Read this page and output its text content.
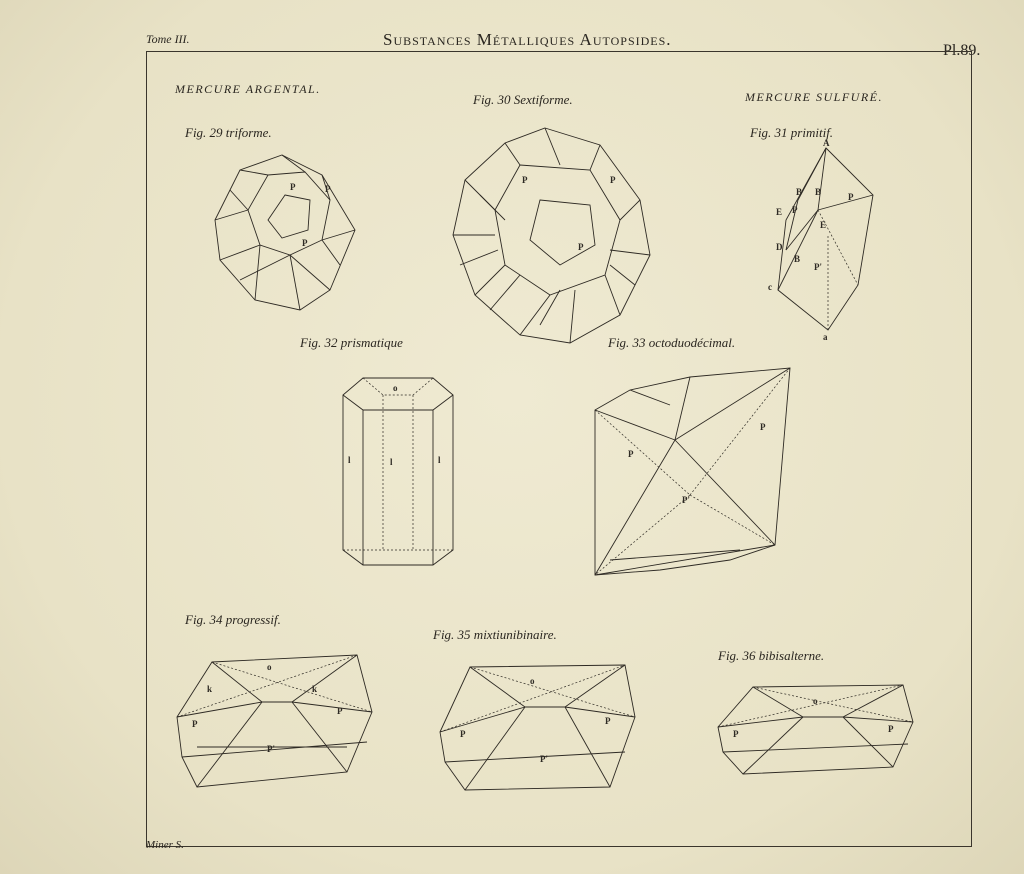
Tome III.	Substances Métalliques Autopsides.
Pl.89.
MERCURE ARGENTAL.
MERCURE SULFURÉ.
Fig. 29 triforme.
Fig. 30 Sextiforme.
Fig. 31 primitif.
Fig. 32 prismatique	Fig. 33 octoduodécimal.
Fig. 34 progressif.
Fig. 35 mixtiunibinaire.
Fig. 36 bibisalterne.
P	P
P
P	P
P
A
B B
E P
E
D
B
P
P'
a
c
o
l	l	l
P
P
P'
o
k	k
P
P
P'
o
P
P
P'
o
P	P
Miner S.
